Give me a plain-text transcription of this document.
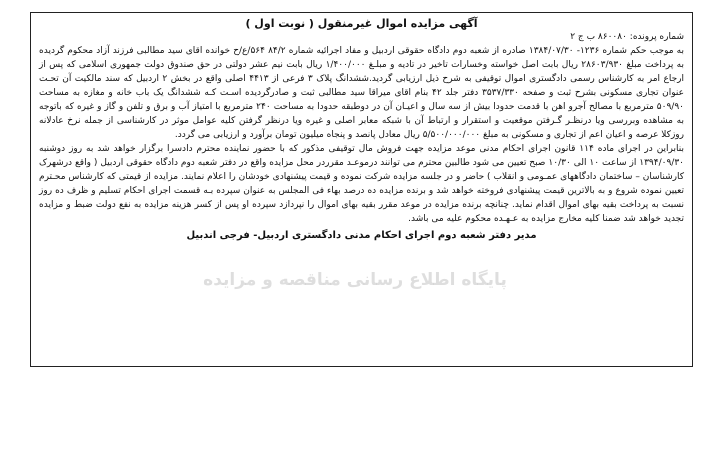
آگهی مزایده اموال غیرمنقول ( نوبت اول )

شماره پرونده: ۸۶۰۰۸۰ ب ج ۲

به موجب حکم شماره ۱۲۳۶- ۱۳۸۴/۰۷/۳۰ صادره از شعبه دوم دادگاه حقوقی اردبیل و مفاد اجرائیه شماره ۸۴/۲ ۵۶۴/ع/ح خوانده اقای سید مطالبی فرزند آزاد محکوم گردیده به پرداخت مبلغ ۲۸۶۰۳/۹۳۰ ریال بابت اصل خواسته وخسارات تاخیر در تادیه و مبلـغ ۱/۴۰۰/۰۰۰ ریال بابت نیم عشر دولتی در حق صندوق دولت جمهوری اسلامی که پس از ارجاع امر به کارشناس رسمی دادگستری اموال توقیفی به شرح ذیل ارزیابی گردید.ششدانگ پلاک ۳ فرعی از ۴۴۱۳ اصلی واقع در بخش ۲ اردبیل که سند مالکیت آن تحـت عنوان تجاری مسکونی بشرح ثبت و صفحه ۳۵۳۷/۳۳۰ دفتر جلد ۴۲ بنام اقای میراقا سید مطالبی ثبت و صادرگردیده اسـت کـه ششدانگ یک باب خانه و مغازه به مساحت ۵۰۹/۹۰ مترمربع با مصالح آجرو اهن با قدمت حدودا بیش از سه سال و اعیـان آن در دوطبقه حدودا به مساحت ۲۴۰ مترمربع با امتیاز آب و برق و تلفن و گاز و غیره که باتوجه به مشاهده وبررسی ویا درنظـر گـرفتن موقعیت و استقرار و ارتباط آن با شبکه معابر اصلی و غیره ویا درنظر گرفتن کلیه عوامل موثر در کارشناسی از جمله نرخ عادلانه روزکلا عرصه و اعیان اعم از تجاری و مسکونی به مبلغ ۵/۵۰۰/۰۰۰/۰۰۰ ریال معادل پانصد و پنجاه میلیون تومان برآورد و ارزیابی می گردد.

بنابراین در اجرای ماده ۱۱۴ قانون اجرای احکام مدنی موعد مزایده جهت فروش مال توقیفی مذکور که با حضور نماینده محترم دادسرا برگزار خواهد شد به روز دوشنبه ۱۳۹۴/۰۹/۳۰ از ساعت ۱۰ الی ۱۰/۳۰ صبح تعیین می شود طالبین محترم می توانند درموعـد مقرردر محل مزایده واقع در دفتر شعبه دوم دادگاه حقوقی اردبیل ( واقع درشهرک کارشناسان – ساختمان دادگاههای عمـومی و انقلاب ) حاضر و در جلسه مزایده شرکت نموده و قیمت پیشنهادی خودشان را اعلام نمایند. مزایده از قیمتی که کارشناس محـترم تعیین نموده شروع و به بالاترین قیمت پیشنهادی فروخته خواهد شد و برنده مزایده ده درصد بهاء فی المجلس به عنوان سپرده بـه قسمت اجرای احکام تسلیم و ظرف ده روز نسبت به پرداخت بقیه بهای اموال اقدام نماید. چنانچه برنده مزایده در موعد مقرر بقیه بهای اموال را نپردازد سپرده او پس از کسر هزینه مزایده به نفع دولت ضبط و مزایده تجدید خواهد شد ضمنا کلیه مخارج مزایده به عـهـده محکوم علیه می باشد.

مدیر دفتر شعبه دوم اجرای احکام مدنی دادگستری اردبیل- فرجی اندبیل
پایگاه اطلاع رسانی مناقصه و مزایده
